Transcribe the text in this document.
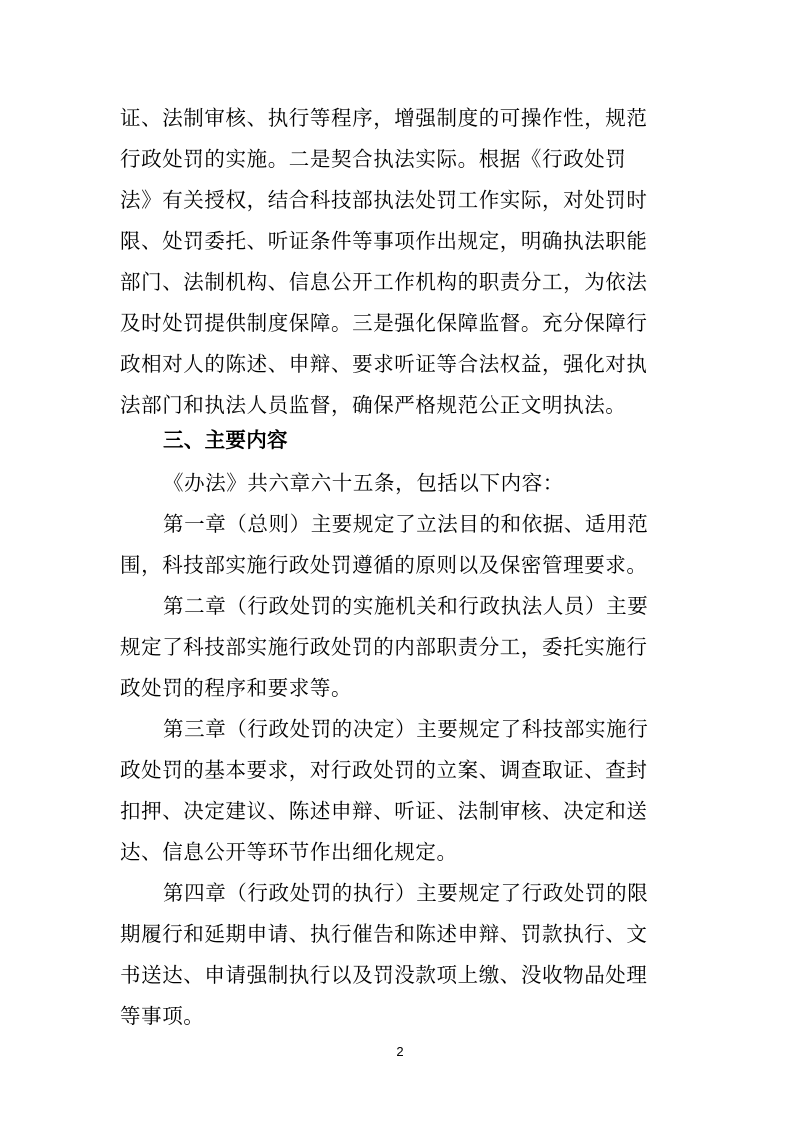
证、法制审核、执行等程序，增强制度的可操作性，规范
行政处罚的实施。二是契合执法实际。根据《行政处罚
法》有关授权，结合科技部执法处罚工作实际，对处罚时
限、处罚委托、听证条件等事项作出规定，明确执法职能
部门、法制机构、信息公开工作机构的职责分工，为依法
及时处罚提供制度保障。三是强化保障监督。充分保障行
政相对人的陈述、申辩、要求听证等合法权益，强化对执
法部门和执法人员监督，确保严格规范公正文明执法。
三、主要内容
《办法》共六章六十五条，包括以下内容：
第一章（总则）主要规定了立法目的和依据、适用范
围，科技部实施行政处罚遵循的原则以及保密管理要求。
第二章（行政处罚的实施机关和行政执法人员）主要
规定了科技部实施行政处罚的内部职责分工，委托实施行
政处罚的程序和要求等。
第三章（行政处罚的决定）主要规定了科技部实施行
政处罚的基本要求，对行政处罚的立案、调查取证、查封
扣押、决定建议、陈述申辩、听证、法制审核、决定和送
达、信息公开等环节作出细化规定。
第四章（行政处罚的执行）主要规定了行政处罚的限
期履行和延期申请、执行催告和陈述申辩、罚款执行、文
书送达、申请强制执行以及罚没款项上缴、没收物品处理
等事项。
2
